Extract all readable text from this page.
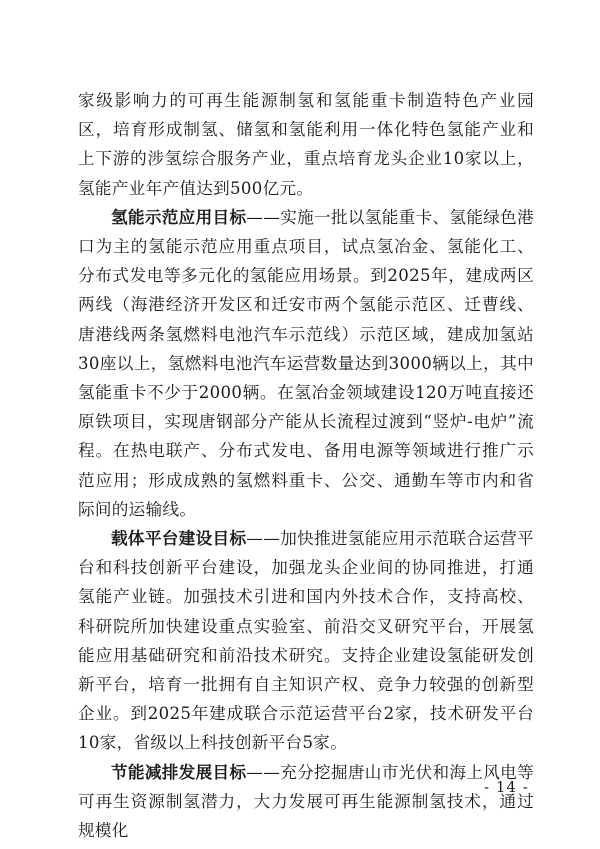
家级影响力的可再生能源制氢和氢能重卡制造特色产业园区，培育形成制氢、储氢和氢能利用一体化特色氢能产业和上下游的涉氢综合服务产业，重点培育龙头企业10家以上，氢能产业年产值达到500亿元。

氢能示范应用目标——实施一批以氢能重卡、氢能绿色港口为主的氢能示范应用重点项目，试点氢冶金、氢能化工、分布式发电等多元化的氢能应用场景。到2025年，建成两区两线（海港经济开发区和迁安市两个氢能示范区、迁曹线、唐港线两条氢燃料电池汽车示范线）示范区域，建成加氢站30座以上，氢燃料电池汽车运营数量达到3000辆以上，其中氢能重卡不少于2000辆。在氢冶金领域建设120万吨直接还原铁项目，实现唐钢部分产能从长流程过渡到“竖炉-电炉”流程。在热电联产、分布式发电、备用电源等领域进行推广示范应用；形成成熟的氢燃料重卡、公交、通勤车等市内和省际间的运输线。

载体平台建设目标——加快推进氢能应用示范联合运营平台和科技创新平台建设，加强龙头企业间的协同推进，打通氢能产业链。加强技术引进和国内外技术合作，支持高校、科研院所加快建设重点实验室、前沿交叉研究平台，开展氢能应用基础研究和前沿技术研究。支持企业建设氢能研发创新平台，培育一批拥有自主知识产权、竞争力较强的创新型企业。到2025年建成联合示范运营平台2家，技术研发平台10家，省级以上科技创新平台5家。

节能减排发展目标——充分挖掘唐山市光伏和海上风电等可再生资源制氢潜力，大力发展可再生能源制氢技术，通过规模化

- 14 -
